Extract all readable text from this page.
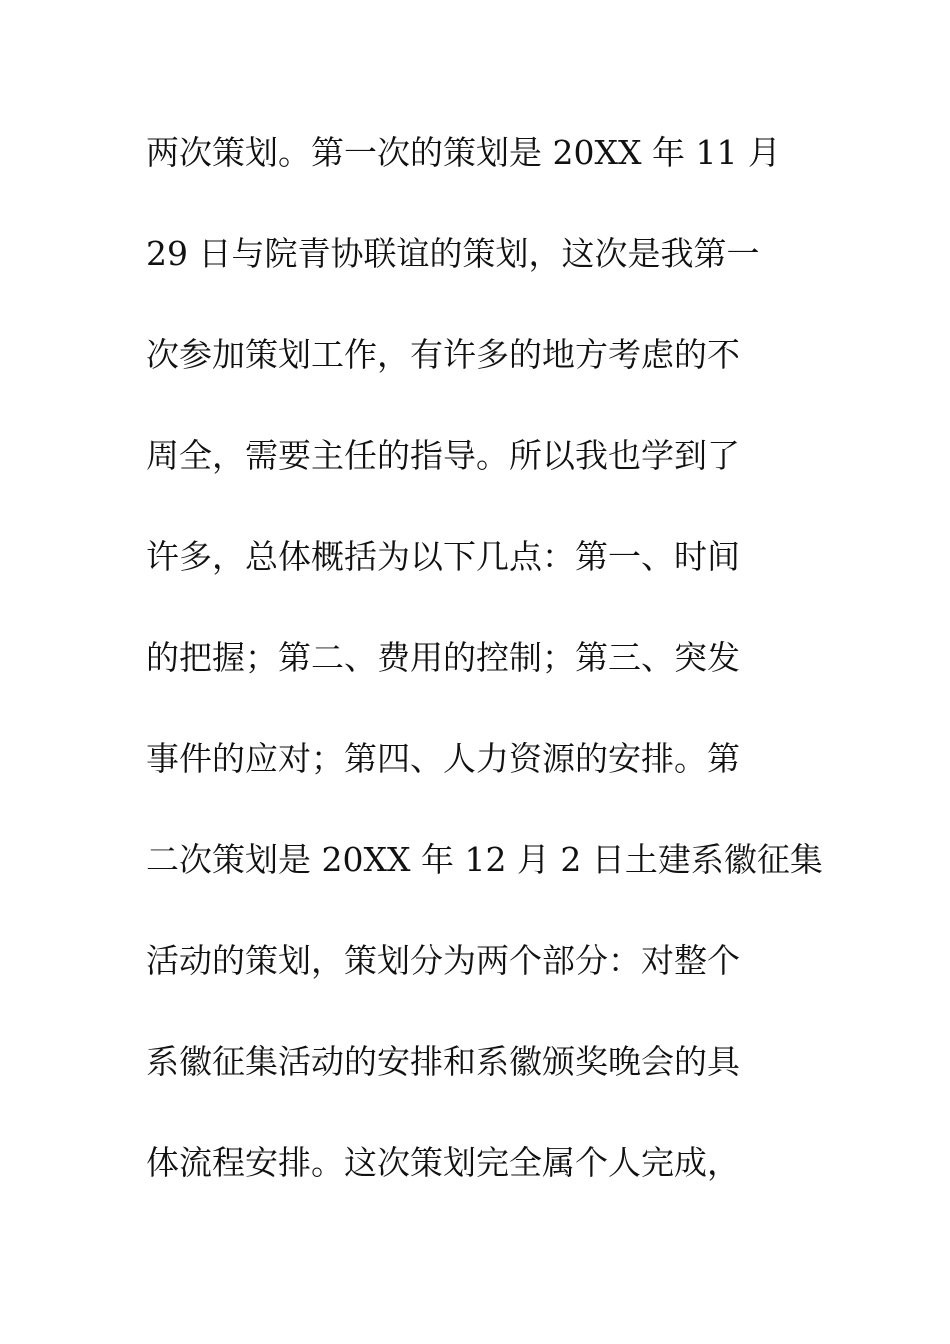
两次策划。第一次的策划是 20XX 年 11 月
29 日与院青协联谊的策划，这次是我第一
次参加策划工作，有许多的地方考虑的不
周全，需要主任的指导。所以我也学到了
许多，总体概括为以下几点：第一、时间
的把握；第二、费用的控制；第三、突发
事件的应对；第四、人力资源的安排。第
二次策划是 20XX 年 12 月 2 日土建系徽征集
活动的策划，策划分为两个部分：对整个
系徽征集活动的安排和系徽颁奖晚会的具
体流程安排。这次策划完全属个人完成，
